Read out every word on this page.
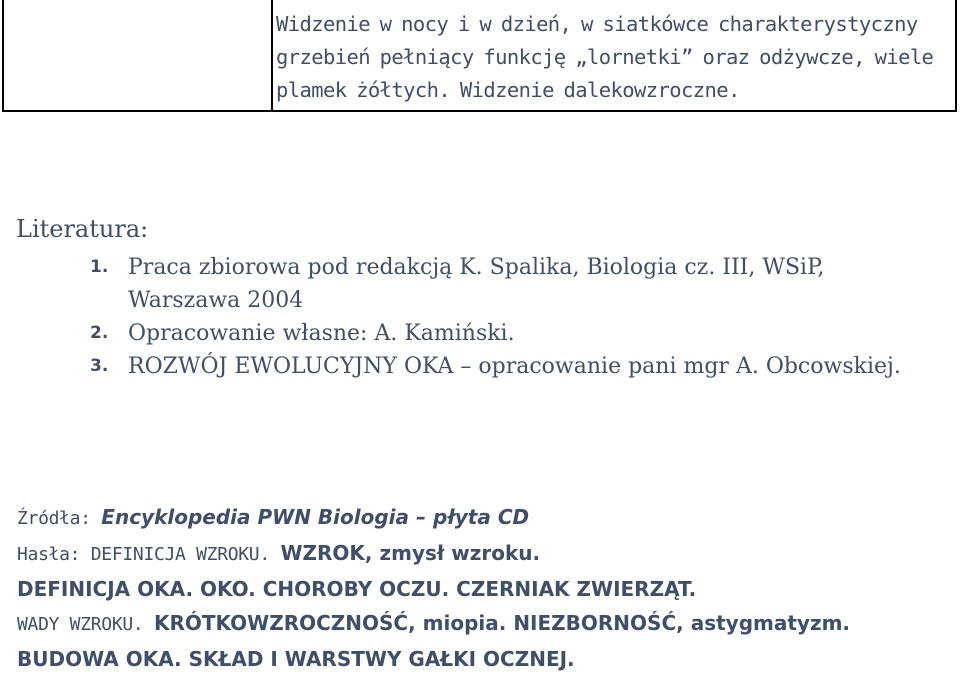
Widzenie w nocy i w dzień, w siatkówce charakterystyczny grzebień pełniący funkcję „lornetki” oraz odżywcze, wiele plamek żółtych. Widzenie dalekowzroczne.

Literatura:
1. Praca zbiorowa pod redakcją K. Spalika, Biologia cz. III, WSiP, Warszawa 2004
2. Opracowanie własne: A. Kamiński.
3. ROZWÓJ EWOLUCYJNY OKA – opracowanie pani mgr A. Obcowskiej.

Źródła: Encyklopedia PWN Biologia – płyta CD

Hasła: DEFINICJA WZROKU. WZROK, zmysł wzroku.

DEFINICJA OKA. OKO. CHOROBY OCZU. CZERNIAK ZWIERZĄT.

WADY WZROKU. KRÓTKOWZROCZNOŚĆ, miopia. NIEZBORNOŚĆ, astygmatyzm.

BUDOWA OKA. SKŁAD I WARSTWY GAŁKI OCZNEJ.
